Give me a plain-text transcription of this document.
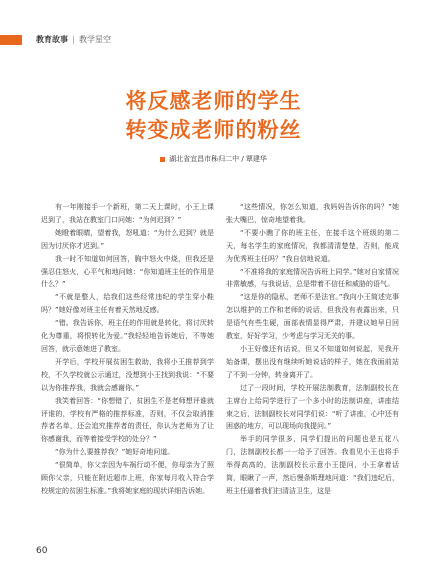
教育故事 | 教学星空
将反感老师的学生
转变成老师的粉丝
湖北省宜昌市秭归二中 / 覃建华

有一年刚接手一个新班，第二天上课时，小王上课迟到了，我站在教室门口问她：“为何迟到？”

她瞪着眼睛，望着我，怒吼道：“为什么迟到？就是因为讨厌你才迟到。”

我一时不知道如何回答，胸中怒火中烧，但我还是强忍住怒火，心平气和地问她：“你知道班主任的作用是什么？”

“不就是整人，给我们这些经常违纪的学生穿小鞋吗？”她好像对班主任有着天然地反感。

“错。我告诉你，班主任的作用就是转化，将讨厌转化为尊重，将恨转化为爱。”我轻轻地告诉她后，不等她回答，就示意她进了教室。

开学后，学校开展贫困生救助，我将小王推荐到学校，不久学校就公示通过，没想到小王找到我说：“不要以为你推荐我，我就会感谢你。”

我笑着回答：“你想错了，贫困生不是老师想评谁就评谁的，学校有严格的推荐标准，否则，不仅会取消推荐者名单，还会追究推荐者的责任，你认为老师为了让你感谢我，而等着接受学校的处分？”

“你为什么要推荐我？”她好奇地问道。

“很简单，你父亲因为车祸行动不便，你母亲为了照顾你父亲，只能在附近超市上班，你家每月收入符合学校规定的贫困生标准。”我将她家庭的现状详细告诉她。

“这些情况，你怎么知道，我妈妈告诉你的吗？”她张大嘴巴，惊奇地望着我。

“不要小瞧了你的班主任，在接手这个班级的第二天，每名学生的家庭情况，我都清清楚楚，否则，能成为优秀班主任吗？”我自信地说道。

“不准将我的家庭情况告诉班上同学。”她对自家情况非常敏感，与我说话，总是带着不信任和威胁的语气。

“这是你的隐私，老师不是法官。”我向小王简述完事怎以维护的工作和老师的说话，但我没有表露出来，只是语气有些生硬，面部表情显得严肃，并建议她早日回教室，好好学习，少考虑与学习无关的事。

小王好像还有话说，但又不知道如何说起，见我开始备课，摆出没有继续听她说话的样子，她在我面前站了不到一分钟，转身离开了。

过了一段时间，学校开展法制教育，法制副校长在主席台上给同学进行了一个多小时的法制讲座，讲座结束之后，法制副校长对同学们说：“听了讲座，心中还有困惑的地方，可以现场向我提问。”

举手的同学很多，同学们提出的问题也是五花八门，法制副校长都一一给予了回答。我看见小王也将手举得高高的，法制副校长示意小王提问，小王拿着话筒，眼瞅了一声，然后慢条斯理地问道：“我们违纪后，班主任逼着我们扫清洁卫生，这是

60
